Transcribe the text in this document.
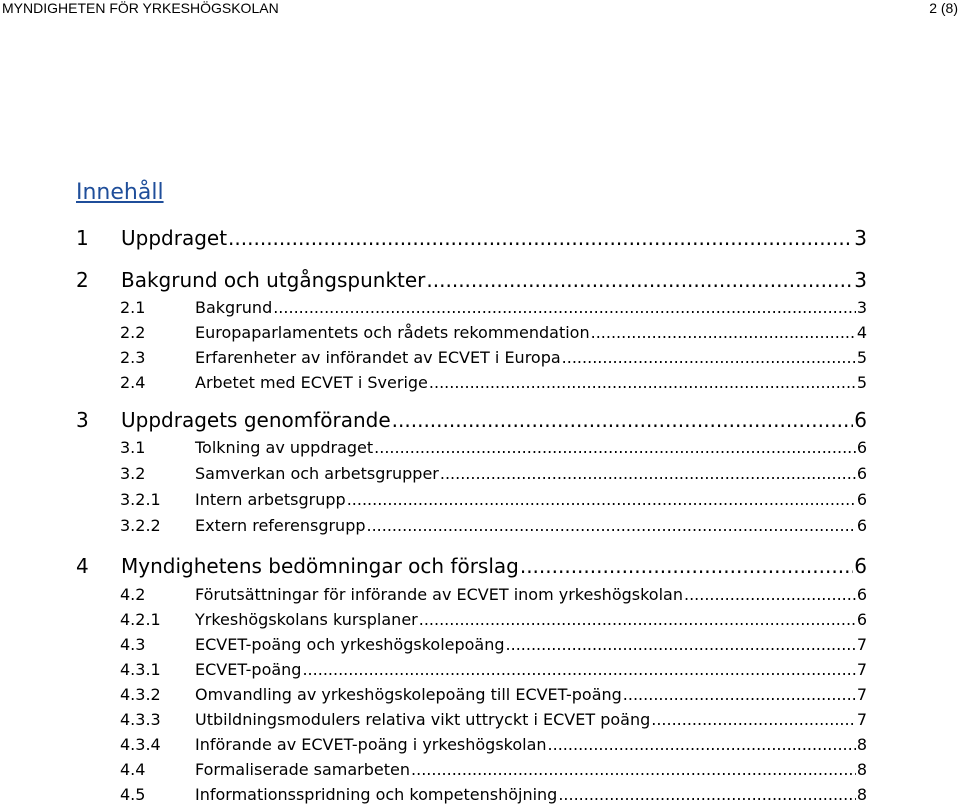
MYNDIGHETEN FÖR YRKESHÖGSKOLAN	2 (8)
Innehåll
1	Uppdraget .....	3
2	Bakgrund och utgångspunkter .....	3
2.1	Bakgrund .....	3
2.2	Europaparlamentets och rådets rekommendation .....	4
2.3	Erfarenheter av införandet av ECVET i Europa .....	5
2.4	Arbetet med ECVET i Sverige .....	5
3	Uppdragets genomförande .....	6
3.1	Tolkning av uppdraget .....	6
3.2	Samverkan och arbetsgrupper .....	6
3.2.1	Intern arbetsgrupp .....	6
3.2.2	Extern referensgrupp .....	6
4	Myndighetens bedömningar och förslag .....	6
4.2	Förutsättningar för införande av ECVET inom yrkeshögskolan .....	6
4.2.1	Yrkeshögskolans kursplaner .....	6
4.3	ECVET-poäng och yrkeshögskolepoäng .....	7
4.3.1	ECVET-poäng .....	7
4.3.2	Omvandling av yrkeshögskolepoäng till ECVET-poäng .....	7
4.3.3	Utbildningsmodulers relativa vikt uttryckt i ECVET poäng .....	7
4.3.4	Införande av ECVET-poäng i yrkeshögskolan .....	8
4.4	Formaliserade samarbeten .....	8
4.5	Informationsspridning och kompetenshöjning .....	8
